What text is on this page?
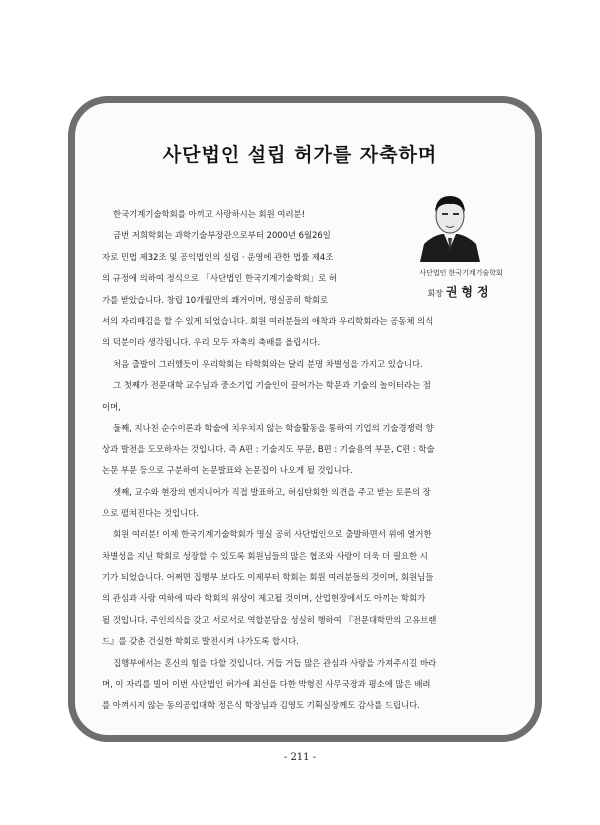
사단법인 설립 허가를 자축하며
사단법인 한국기계기술학회
회장 권형정

한국기계기술학회를 아끼고 사랑하시는 회원 여러분!

금번 저희학회는 과학기술부장관으로부터 2000년 6월26일

자로 민법 제32조 및 공익법인의 설립 · 운영에 관한 법률 제4조

의 규정에 의하여 정식으로 「사단법인 한국기계기술학회」로 허

가를 받았습니다. 창립 10개월만의 쾌거이며, 명실공히 학회로

서의 자리매김을 할 수 있게 되었습니다. 회원 여러분들의 애착과 우리학회라는 공동체 의식

의 덕분이라 생각됩니다. 우리 모두 자축의 축배를 올립시다.

처음 출발이 그러했듯이 우리학회는 타학회와는 달리 분명 차별성을 가지고 있습니다.

그 첫째가 전문대학 교수님과 중소기업 기술인이 끌어가는 학문과 기술의 놀이터라는 점

이며,

둘째, 지나친 순수이론과 학술에 치우치지 않는 학술활동을 통하여 기업의 기술경쟁력 향

상과 발전을 도모하자는 것입니다. 즉 A편 : 기술지도 부문, B편 : 기술용역 부문, C편 : 학술

논문 부문 등으로 구분하여 논문발표와 논문집이 나오게 될 것입니다.

셋째, 교수와 현장의 엔지니어가 직접 발표하고, 허심탄회한 의견을 주고 받는 토론의 장

으로 펼쳐진다는 것입니다.

회원 여러분! 이제 한국기계기술학회가 명실 공히 사단법인으로 출발하면서 위에 열거한

차별성을 지닌 학회로 성장할 수 있도록 회원님들의 많은 협조와 사랑이 더욱 더 필요한 시

기가 되었습니다. 어쩌면 집행부 보다도 이제부터 학회는 회원 여러분들의 것이며, 회원님들

의 관심과 사랑 여하에 따라 학회의 위상이 제고될 것이며, 산업현장에서도 아끼는 학회가

될 것입니다. 주인의식을 갖고 서로서로 역할분담을 성실히 행하여 『전문대학만의 고유브랜

드』를 갖춘 건실한 학회로 발전시켜 나가도록 합시다.

집행부에서는 혼신의 힘을 다할 것입니다. 거듭 거듭 많은 관심과 사랑을 가져주시길 바라

며, 이 자리를 빌어 이번 사단법인 허가에 최선을 다한 박형진 사무국장과 평소에 많은 배려

를 아껴시지 않는 동의공업대학 정은식 학장님과 김영도 기획실장께도 감사를 드립니다.

- 211 -
